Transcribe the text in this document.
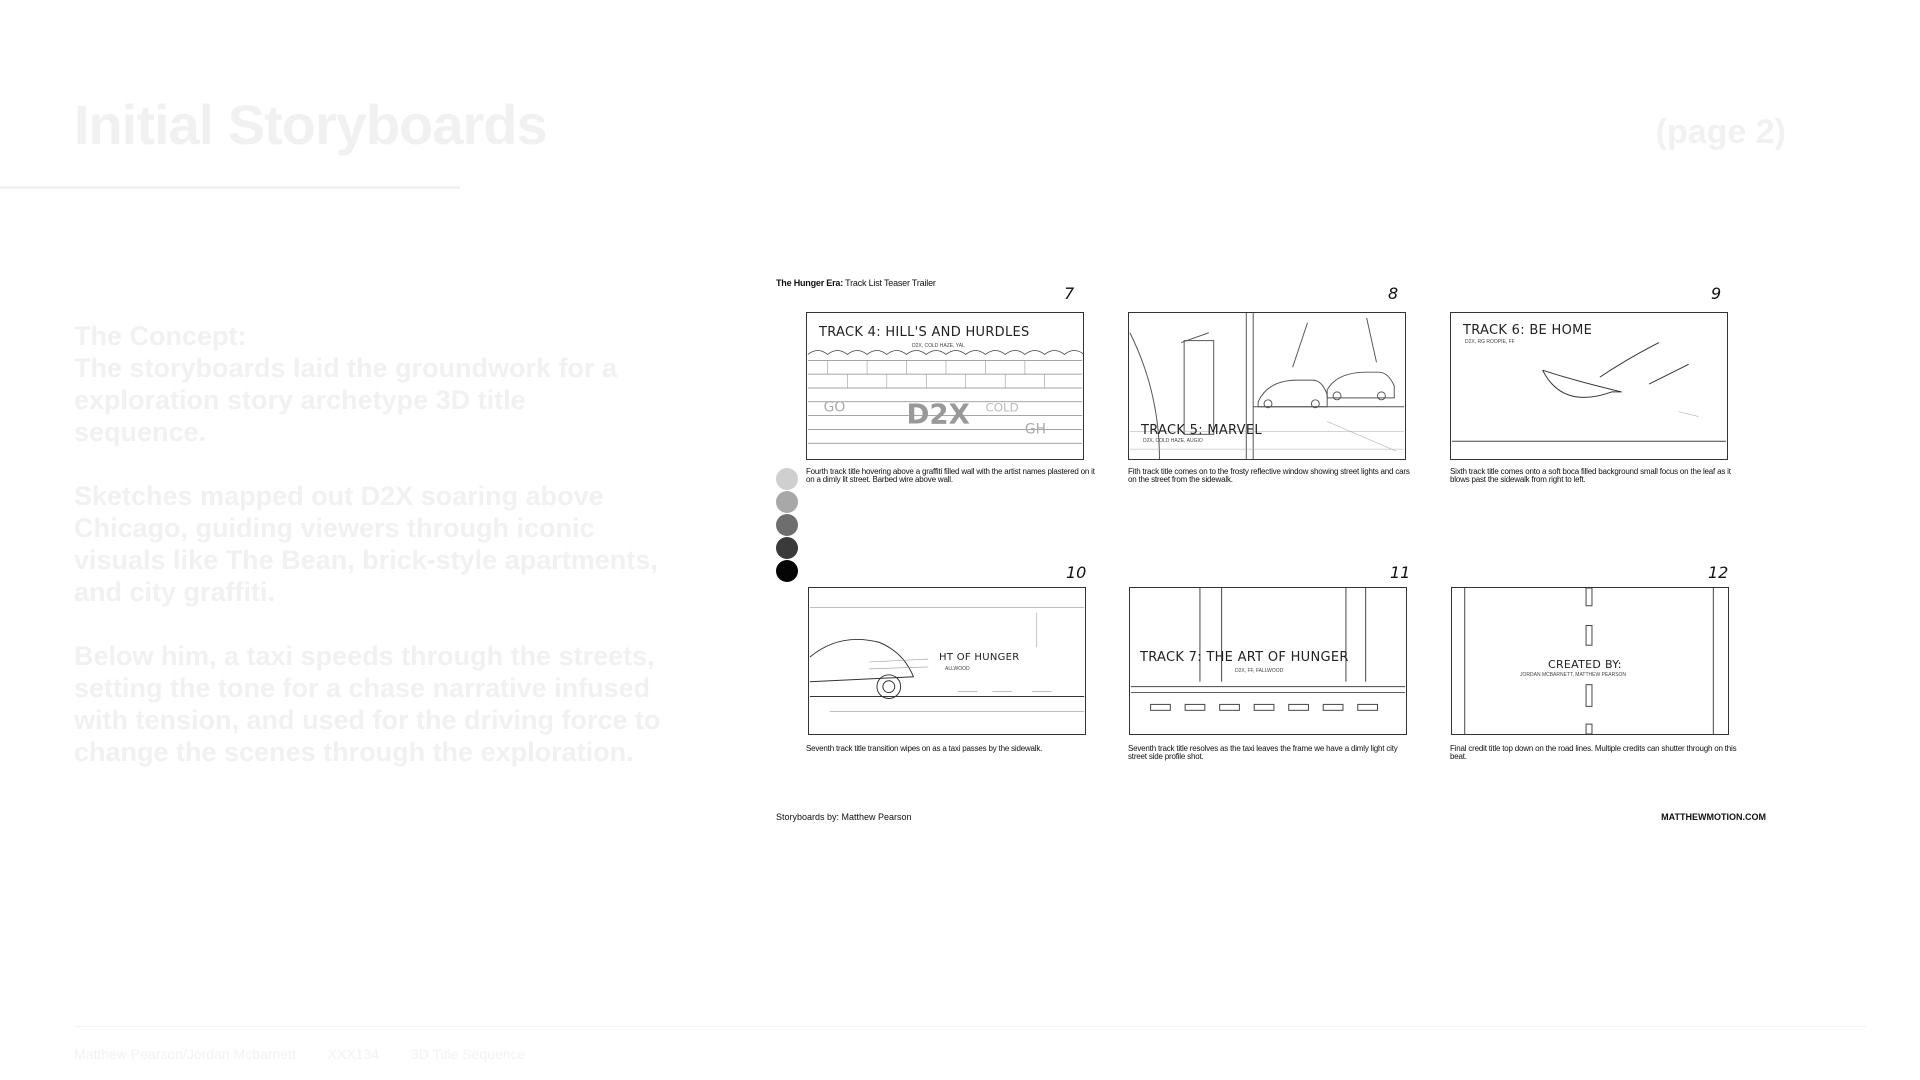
Initial Storyboards	(page 2)

The Concept:
The storyboards laid the groundwork for a exploration story archetype 3D title sequence.

Sketches mapped out D2X soaring above Chicago, guiding viewers through iconic visuals like The Bean, brick-style apartments, and city graffiti.

Below him, a taxi speeds through the streets, setting the tone for a chase narrative infused with tension, and used for the driving force to change the scenes through the exploration.

The Hunger Era: Track List Teaser Trailer
7
D2X
GO
GH
COLD
TRACK 4: HILL'S AND HURDLES
D2X, COLD HAZE, YAL
Fourth track title hovering above a graffiti filled wall with the artist names plastered on it on a dimly lit street. Barbed wire above wall.
8
TRACK 5: MARVEL
D2X, COLD HAZE, AUGIO
Fith track title comes on to the frosty reflective window showing street lights and cars on the street from the sidewalk.
9
TRACK 6: BE HOME
D2X, RG ROOPIE, FF
Sixth track title comes onto a soft boca filled background small focus on the leaf as it blows past the sidewalk from right to left.
10
HT OF HUNGER
ALLWOOD
Seventh track title transition wipes on as a taxi passes by the sidewalk.
11
TRACK 7: THE ART OF HUNGER
D2X, FF, FALLWOOD
Seventh track title resolves as the taxi leaves the frame we have a dimly light city street side profile shot.
12
CREATED BY:
JORDAN MCBARNETT, MATTHEW PEARSON
Final credit title top down on the road lines. Multiple credits can shutter through on this beat.
Storyboards by: Matthew Pearson	MATTHEWMOTION.COM
Matthew Pearson/Jordan Mcbarnett XXX134 3D Title Sequence
